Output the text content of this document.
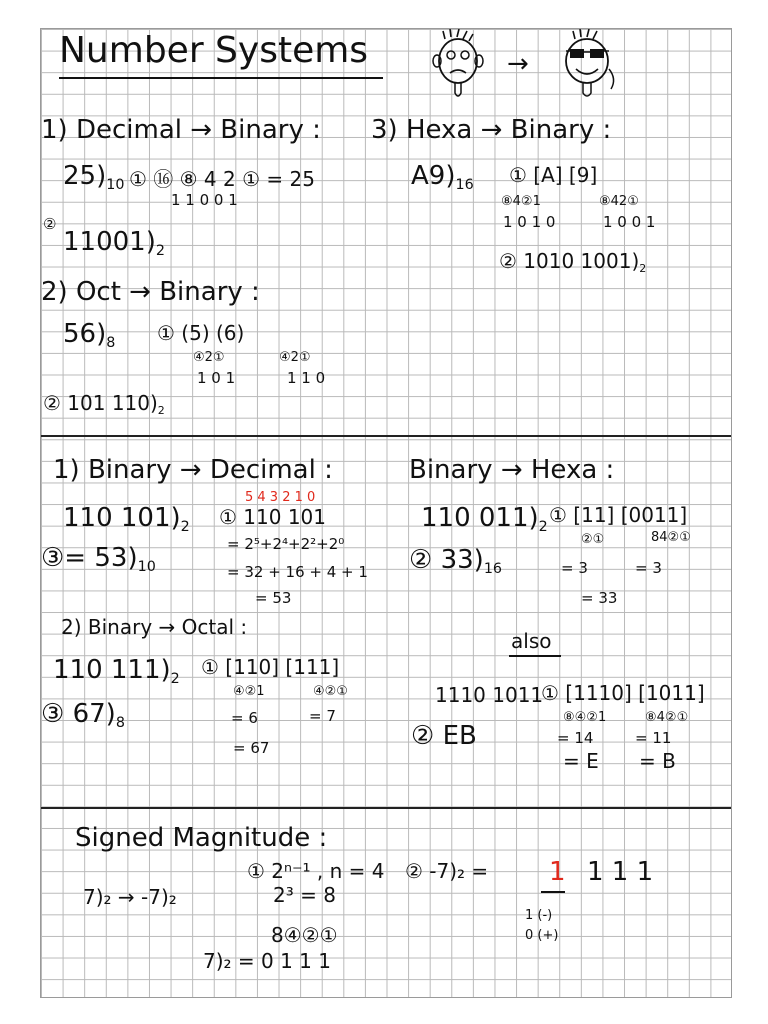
Number Systems	→
1) Decimal → Binary :
$25)_{10}$ ① ⑯ ⑧ 4 2 ① = 25
1 1 0 0 1
②
$11001)_2$
2) Oct → Binary :
$56)_8$ ① (5) (6)
④2①	④2①
1 0 1	1 1 0
② 101 $110)_2$
3) Hexa → Binary :
$A9)_{16}$ ① [A] [9]
⑧4②1	⑧42①
1 0 1 0	1 0 0 1
② 1010 $1001)_2$
1) Binary → Decimal :
110 $101)_2$
5 4 3 2 1 0
① 110 101
= 2⁵+2⁴+2²+2⁰
= 32 + 16 + 4 + 1
= 53
③= $53)_{10}$
2) Binary → Octal :
110 $111)_2$ ① [110] [111]
④②1	④②①
= 6	= 7
= 67
③ $67)_8$
Binary → Hexa :
110 $011)_2$ ① [11] [0011]
②①	84②①
= 3	= 3
= 33
② $33)_{16}$
also
1110 1011
① [1110] [1011]
⑧④②1	⑧4②①
= 14	= 11
= E = B
② EB
Signed Magnitude :
7)₂ → -7)₂
① 2ⁿ⁻¹ , n = 4
2³ = 8
8④②①
7)₂ = 0 1 1 1
② -7)₂ = 1 1 1 1
1 (-)
0 (+)
